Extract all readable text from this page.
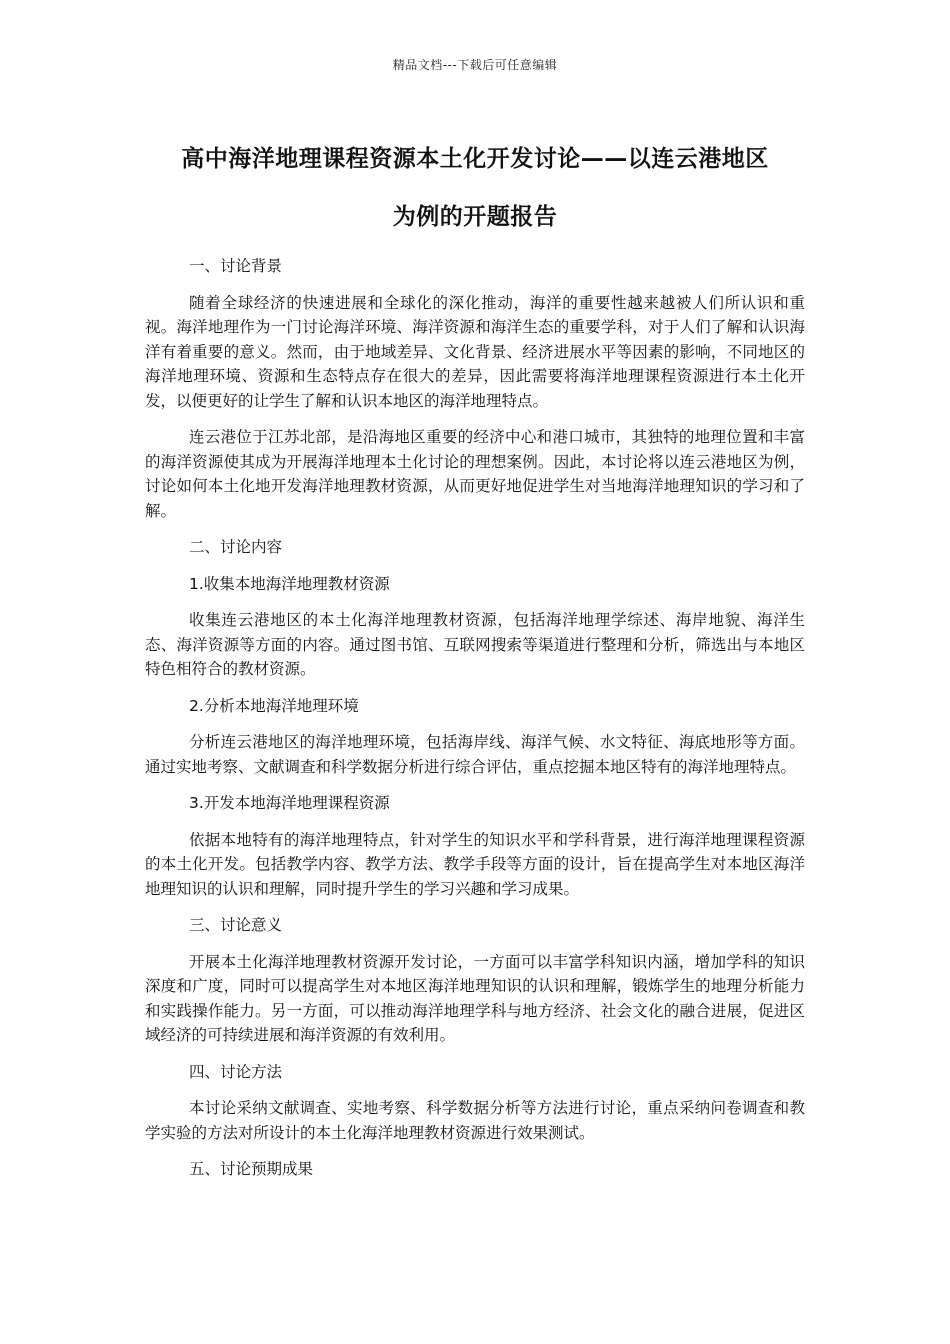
精品文档---下载后可任意编辑
高中海洋地理课程资源本土化开发讨论——以连云港地区
为例的开题报告

一、讨论背景

随着全球经济的快速进展和全球化的深化推动，海洋的重要性越来越被人们所认识和重视。海洋地理作为一门讨论海洋环境、海洋资源和海洋生态的重要学科，对于人们了解和认识海洋有着重要的意义。然而，由于地域差异、文化背景、经济进展水平等因素的影响，不同地区的海洋地理环境、资源和生态特点存在很大的差异，因此需要将海洋地理课程资源进行本土化开发，以便更好的让学生了解和认识本地区的海洋地理特点。

连云港位于江苏北部，是沿海地区重要的经济中心和港口城市，其独特的地理位置和丰富的海洋资源使其成为开展海洋地理本土化讨论的理想案例。因此，本讨论将以连云港地区为例，讨论如何本土化地开发海洋地理教材资源，从而更好地促进学生对当地海洋地理知识的学习和了解。

二、讨论内容

1.收集本地海洋地理教材资源

收集连云港地区的本土化海洋地理教材资源，包括海洋地理学综述、海岸地貌、海洋生态、海洋资源等方面的内容。通过图书馆、互联网搜索等渠道进行整理和分析，筛选出与本地区特色相符合的教材资源。

2.分析本地海洋地理环境

分析连云港地区的海洋地理环境，包括海岸线、海洋气候、水文特征、海底地形等方面。通过实地考察、文献调查和科学数据分析进行综合评估，重点挖掘本地区特有的海洋地理特点。

3.开发本地海洋地理课程资源

依据本地特有的海洋地理特点，针对学生的知识水平和学科背景，进行海洋地理课程资源的本土化开发。包括教学内容、教学方法、教学手段等方面的设计，旨在提高学生对本地区海洋地理知识的认识和理解，同时提升学生的学习兴趣和学习成果。

三、讨论意义

开展本土化海洋地理教材资源开发讨论，一方面可以丰富学科知识内涵，增加学科的知识深度和广度，同时可以提高学生对本地区海洋地理知识的认识和理解，锻炼学生的地理分析能力和实践操作能力。另一方面，可以推动海洋地理学科与地方经济、社会文化的融合进展，促进区域经济的可持续进展和海洋资源的有效利用。

四、讨论方法

本讨论采纳文献调查、实地考察、科学数据分析等方法进行讨论，重点采纳问卷调查和教学实验的方法对所设计的本土化海洋地理教材资源进行效果测试。

五、讨论预期成果
